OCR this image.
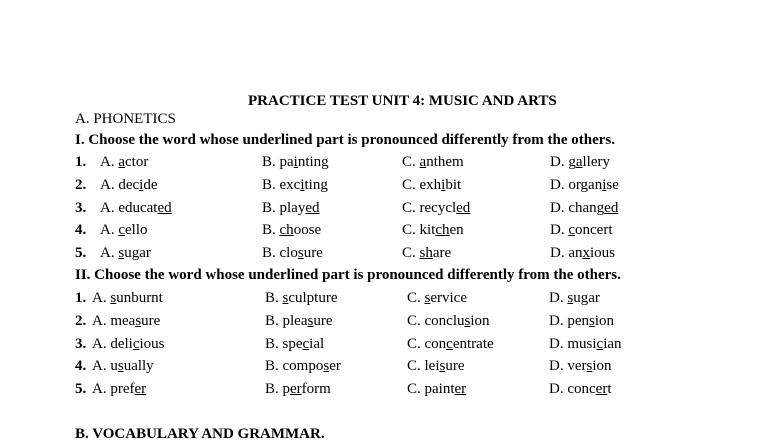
PRACTICE TEST UNIT 4: MUSIC AND ARTS
A. PHONETICS
I. Choose the word whose underlined part is pronounced differently from the others.
1. A. actor	B. painting	C. anthem	D. gallery
2. A. decide	B. exciting	C. exhibit	D. organise
3. A. educated	B. played	C. recycled	D. changed
4. A. cello	B. choose	C. kitchen	D. concert
5. A. sugar	B. closure	C. share	D. anxious
II. Choose the word whose underlined part is pronounced differently from the others.
1. A. sunburnt	B. sculpture	C. service	D. sugar
2. A. measure	B. pleasure	C. conclusion	D. pension
3. A. delicious	B. special	C. concentrate	D. musician
4. A. usually	B. composer	C. leisure	D. version
5. A. prefer	B. perform	C. painter	D. concert
B. VOCABULARY AND GRAMMAR.
